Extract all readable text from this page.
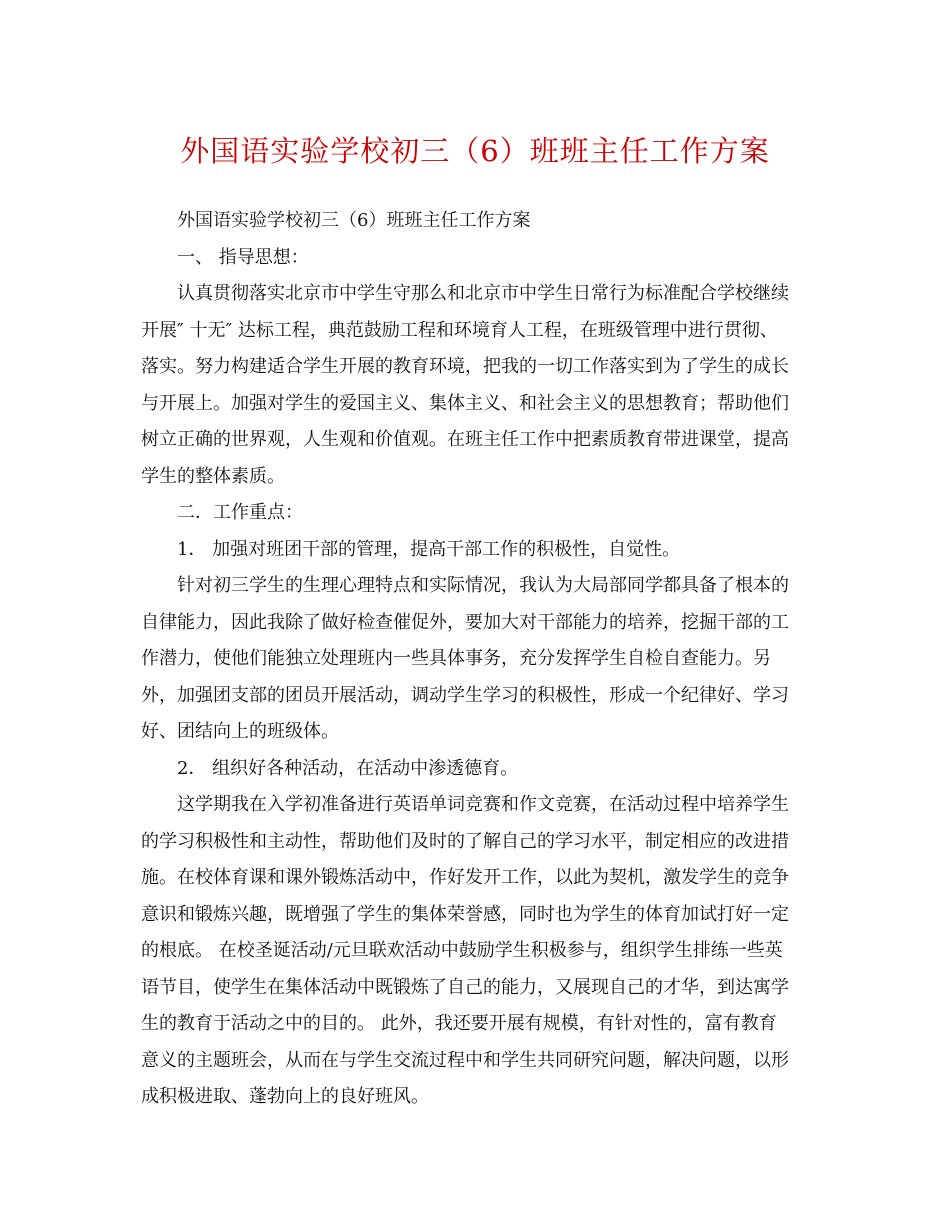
外国语实验学校初三（6）班班主任工作方案
外国语实验学校初三（6）班班主任工作方案
一、 指导思想：
认真贯彻落实北京市中学生守那么和北京市中学生日常行为标准配合学校继续
开展″ 十无″ 达标工程，典范鼓励工程和环境育人工程，在班级管理中进行贯彻、
落实。努力构建适合学生开展的教育环境，把我的一切工作落实到为了学生的成长
与开展上。加强对学生的爱国主义、集体主义、和社会主义的思想教育；帮助他们
树立正确的世界观，人生观和价值观。在班主任工作中把素质教育带进课堂，提高
学生的整体素质。
二．工作重点：
1． 加强对班团干部的管理，提高干部工作的积极性，自觉性。
针对初三学生的生理心理特点和实际情况，我认为大局部同学都具备了根本的
自律能力，因此我除了做好检查催促外，要加大对干部能力的培养，挖掘干部的工
作潜力，使他们能独立处理班内一些具体事务，充分发挥学生自检自查能力。另
外，加强团支部的团员开展活动，调动学生学习的积极性，形成一个纪律好、学习
好、团结向上的班级体。
2． 组织好各种活动，在活动中渗透德育。
这学期我在入学初准备进行英语单词竞赛和作文竞赛，在活动过程中培养学生
的学习积极性和主动性，帮助他们及时的了解自己的学习水平，制定相应的改进措
施。在校体育课和课外锻炼活动中，作好发开工作，以此为契机，激发学生的竞争
意识和锻炼兴趣，既增强了学生的集体荣誉感，同时也为学生的体育加试打好一定
的根底。 在校圣诞活动/元旦联欢活动中鼓励学生积极参与，组织学生排练一些英
语节目，使学生在集体活动中既锻炼了自己的能力，又展现自己的才华，到达寓学
生的教育于活动之中的目的。 此外，我还要开展有规模，有针对性的，富有教育
意义的主题班会，从而在与学生交流过程中和学生共同研究问题，解决问题，以形
成积极进取、蓬勃向上的良好班风。
